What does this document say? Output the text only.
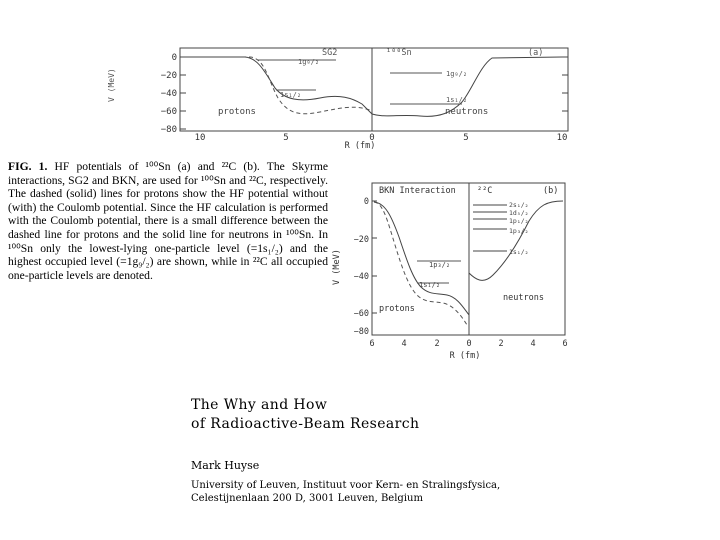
0
−20
−40
−60
−80
V (MeV)
10	5	0	5	10
R (fm)
SG2	¹⁰⁰Sn	(a)
1g₉/₂
1s₁/₂
1g₉/₂
1s₁/₂
protons	neutrons
FIG. 1. HF potentials of ¹⁰⁰Sn (a) and ²²C (b). The Skyrme interactions, SG2 and BKN, are used for ¹⁰⁰Sn and ²²C, respectively. The dashed (solid) lines for protons show the HF potential without (with) the Coulomb potential. Since the HF calculation is performed with the Coulomb potential, there is a small difference between the dashed line for protons and the solid line for neutrons in ¹⁰⁰Sn. In ¹⁰⁰Sn only the lowest-lying one-particle level (=1s₁/₂) and the highest occupied level (=1g₉/₂) are shown, while in ²²C all occupied one-particle levels are denoted.
0
−20
−40
−60
−80
V (MeV)
6	4	2	0	2	4	6
R (fm)
BKN Interaction ²²C	(b)
1p₃/₂
1s₁/₂
2s₁/₂
1d₅/₂
1p₁/₂
1p₃/₂
1s₁/₂
protons
neutrons
The Why and How
of Radioactive-Beam Research
Mark Huyse
University of Leuven, Instituut voor Kern- en Stralingsfysica,
Celestijnenlaan 200 D, 3001 Leuven, Belgium
